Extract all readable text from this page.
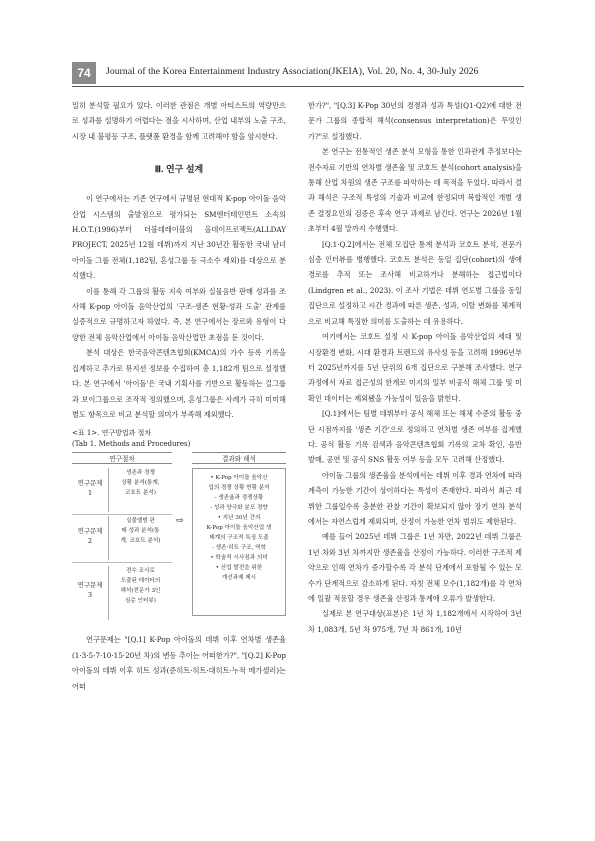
74	Journal of the Korea Entertainment Industry Association(JKEIA), Vol. 20, No. 4, 30-July 2026
밀히 분석할 필요가 있다. 이러한 관점은 개별 아티스트의 역량만으로 성과를 설명하기 어렵다는 점을 시사하며, 산업 내부의 노출 구조, 시장 내 불평등 구조, 플랫폼 환경을 함께 고려해야 함을 암시한다.
Ⅲ. 연구 설계
이 연구에서는 기존 연구에서 규명된 현대적 K-pop 아이돌 음악산업 시스템의 출발점으로 평가되는 SM엔터테인먼트 소속의 H.O.T.(1996)부터 더블데레이블의 올데이프로젝트(ALLDAY PROJECT, 2025년 12월 데뷔)까지 지난 30년간 활동한 국내 남녀 아이돌 그룹 전체(1,182팀, 혼성그룹 등 극소수 제외)를 대상으로 분석했다.
이를 통해 각 그룹의 활동 지속 여부와 실물음반 판매 성과를 조사해 K-pop 아이돌 음악산업의 '구조-생존 현황-성과 도출' 관계를 실증적으로 규명하고자 하였다. 즉, 본 연구에서는 장르와 유형이 다양한 전체 음악산업에서 아이돌 음악산업만 초점을 둔 것이다.
분석 대상은 한국음악콘텐츠협회(KMCA)의 가수 등록 기록을 집계하고 추가로 뮤지션 정보를 수집하여 총 1,182개 팀으로 설정했다. 본 연구에서 '아이돌'은 국내 기획사를 기반으로 활동하는 걸그룹과 보이그룹으로 조작적 정의했으며, 혼성그룹은 사례가 극히 미미해 별도 항목으로 비교 분석할 의미가 부족해 제외했다.
<표 1>. 연구방법과 절차
(Tab 1. Methods and Procedures)
연구절차	결과와 해석
연구문제
1
생존과 경쟁
상황 분석(통계,
코호트 분석)
연구문제
2
실물앨범 판
매 성과 분석(통
계, 코호트 분석)
연구문제
3
전수 조사로
도출된 데이터의
해석(전문가 3인
심층 인터뷰)
⇨
• K-Pop 아이돌 음악산
업의 경쟁 상황 현황 분석
- 생존율과 경쟁상황
- 성과 양극화 분포 경향
• 지난 30년 간의
K-Pop 아이돌 음악산업 생
태계의 구조적 특징 도출
- 생존·히트 구조, 역학
• 학술적 시사점과 의미
• 산업 발전을 위한
개선과제 제시
연구문제는 "[Q.1] K-Pop 아이돌의 데뷔 이후 연차별 생존율(1·3·5·7·10·15·20년 차)의 변동 추이는 어떠한가?", "[Q.2] K-Pop 아이돌의 데뷔 이후 히트 성과(준히트·히트·대히트·누적 메가셀러)는 어떠
한가?", "[Q.3] K-Pop 30년의 경쟁과 성과 특성(Q1·Q2)에 대한 전문가 그룹의 종합적 해석(consensus interpretation)은 무엇인가?"로 설정했다.
본 연구는 전통적인 생존 분석 모형을 통한 인과관계 추정보다는 전수자료 기반의 연차별 생존율 및 코호트 분석(cohort analysis)을 통해 산업 차원의 생존 구조를 파악하는 데 목적을 두었다. 따라서 결과 해석은 구조적 특성의 기술과 비교에 한정되며 복합적인 개별 생존 결정요인의 검증은 후속 연구 과제로 남긴다. 연구는 2026년 1월 초부터 4월 말까지 수행했다.
[Q.1·Q.2]에서는 전체 모집단 통계 분석과 코호트 분석, 전문가 심층 인터뷰를 병행했다. 코호트 분석은 동일 집단(cohort)의 생애 경로를 추적 또는 조사해 비교하거나 분해하는 접근법이다(Lindgren et al., 2023). 이 조사 기법은 데뷔 연도별 그룹을 동일 집단으로 설정하고 시간 경과에 따른 생존, 성과, 이탈 변화를 체계적으로 비교해 특징한 의미를 도출하는 데 유용하다.
여기에서는 코호트 설정 시 K-pop 아이돌 음악산업의 세대 및 시장환경 변화, 시대 환경과 트렌드의 유사성 등을 고려해 1996년부터 2025년까지를 5년 단위의 6개 집단으로 구분해 조사했다. 연구 과정에서 자료 접근성의 한계로 미지의 일부 비공식 해체 그룹 및 미확인 데이터는 제외됐을 가능성이 있음을 밝힌다.
[Q.1]에서는 팀별 데뷔부터 공식 해체 또는 해체 수준의 활동 중단 시점까지를 '생존 기간'으로 정의하고 연차별 생존 여부를 집계했다. 공식 활동 기록 검색과 음악콘텐츠협회 기록의 교차 확인, 음반 발매, 공연 및 공식 SNS 활동 여부 등을 모두 고려해 산정했다.
아이돌 그룹의 생존율을 분석에서는 데뷔 이후 경과 연차에 따라 계측이 가능한 기간이 상이하다는 특성이 존재한다. 따라서 최근 데뷔한 그룹일수록 충분한 관찰 기간이 확보되지 않아 장기 연차 분석에서는 자연스럽게 제외되며, 산정이 가능한 연차 범위도 제한된다.
예를 들어 2025년 데뷔 그룹은 1년 차만, 2022년 데뷔 그룹은 1년 차와 3년 차까지만 생존율을 산정이 가능하다. 이러한 구조적 제약으로 인해 연차가 증가할수록 각 분석 단계에서 포함될 수 있는 모수가 단계적으로 감소하게 된다. 자칫 전체 모수(1,182개)를 각 연차에 일괄 적용할 경우 생존율 산정과 통계에 오류가 발생한다.
실제로 본 연구대상(표본)은 1년 차 1,182개에서 시작하여 3년 차 1,083개, 5년 차 975개, 7년 차 861개, 10년
